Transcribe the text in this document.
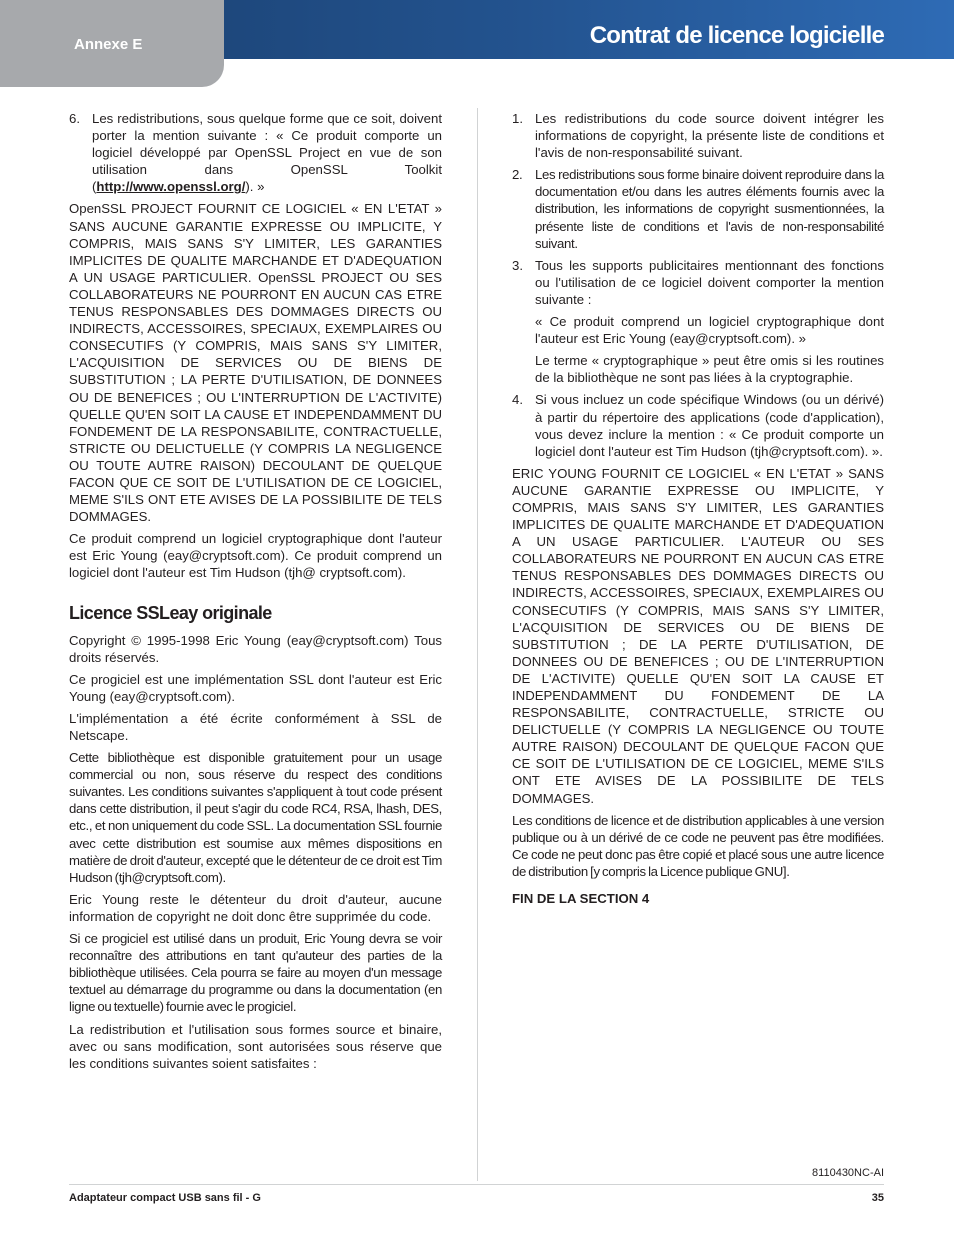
Annexe E	Contrat de licence logicielle
6. Les redistributions, sous quelque forme que ce soit, doivent porter la mention suivante : « Ce produit comporte un logiciel développé par OpenSSL Project en vue de son utilisation dans OpenSSL Toolkit (http://www.openssl.org/). »

OpenSSL PROJECT FOURNIT CE LOGICIEL « EN L'ETAT » SANS AUCUNE GARANTIE EXPRESSE OU IMPLICITE, Y COMPRIS, MAIS SANS S'Y LIMITER, LES GARANTIES IMPLICITES DE QUALITE MARCHANDE ET D'ADEQUATION A UN USAGE PARTICULIER. OpenSSL PROJECT OU SES COLLABORATEURS NE POURRONT EN AUCUN CAS ETRE TENUS RESPONSABLES DES DOMMAGES DIRECTS OU INDIRECTS, ACCESSOIRES, SPECIAUX, EXEMPLAIRES OU CONSECUTIFS (Y COMPRIS, MAIS SANS S'Y LIMITER, L'ACQUISITION DE SERVICES OU DE BIENS DE SUBSTITUTION ; LA PERTE D'UTILISATION, DE DONNEES OU DE BENEFICES ; OU L'INTERRUPTION DE L'ACTIVITE) QUELLE QU'EN SOIT LA CAUSE ET INDEPENDAMMENT DU FONDEMENT DE LA RESPONSABILITE, CONTRACTUELLE, STRICTE OU DELICTUELLE (Y COMPRIS LA NEGLIGENCE OU TOUTE AUTRE RAISON) DECOULANT DE QUELQUE FACON QUE CE SOIT DE L'UTILISATION DE CE LOGICIEL, MEME S'ILS ONT ETE AVISES DE LA POSSIBILITE DE TELS DOMMAGES.

Ce produit comprend un logiciel cryptographique dont l'auteur est Eric Young (eay@cryptsoft.com). Ce produit comprend un logiciel dont l'auteur est Tim Hudson (tjh@ cryptsoft.com).

Licence SSLeay originale

Copyright © 1995-1998 Eric Young (eay@cryptsoft.com) Tous droits réservés.

Ce progiciel est une implémentation SSL dont l'auteur est Eric Young (eay@cryptsoft.com).

L'implémentation a été écrite conformément à SSL de Netscape.

Cette bibliothèque est disponible gratuitement pour un usage commercial ou non, sous réserve du respect des conditions suivantes. Les conditions suivantes s'appliquent à tout code présent dans cette distribution, il peut s'agir du code RC4, RSA, lhash, DES, etc., et non uniquement du code SSL. La documentation SSL fournie avec cette distribution est soumise aux mêmes dispositions en matière de droit d'auteur, excepté que le détenteur de ce droit est Tim Hudson (tjh@cryptsoft.com).

Eric Young reste le détenteur du droit d'auteur, aucune information de copyright ne doit donc être supprimée du code.

Si ce progiciel est utilisé dans un produit, Eric Young devra se voir reconnaître des attributions en tant qu'auteur des parties de la bibliothèque utilisées. Cela pourra se faire au moyen d'un message textuel au démarrage du programme ou dans la documentation (en ligne ou textuelle) fournie avec le progiciel.

La redistribution et l'utilisation sous formes source et binaire, avec ou sans modification, sont autorisées sous réserve que les conditions suivantes soient satisfaites :

1. Les redistributions du code source doivent intégrer les informations de copyright, la présente liste de conditions et l'avis de non-responsabilité suivant.
2. Les redistributions sous forme binaire doivent reproduire dans la documentation et/ou dans les autres éléments fournis avec la distribution, les informations de copyright susmentionnées, la présente liste de conditions et l'avis de non-responsabilité suivant.
3. Tous les supports publicitaires mentionnant des fonctions ou l'utilisation de ce logiciel doivent comporter la mention suivante :

« Ce produit comprend un logiciel cryptographique dont l'auteur est Eric Young (eay@cryptsoft.com). »

Le terme « cryptographique » peut être omis si les routines de la bibliothèque ne sont pas liées à la cryptographie.

4. Si vous incluez un code spécifique Windows (ou un dérivé) à partir du répertoire des applications (code d'application), vous devez inclure la mention : « Ce produit comporte un logiciel dont l'auteur est Tim Hudson (tjh@cryptsoft.com). ».

ERIC YOUNG FOURNIT CE LOGICIEL « EN L'ETAT » SANS AUCUNE GARANTIE EXPRESSE OU IMPLICITE, Y COMPRIS, MAIS SANS S'Y LIMITER, LES GARANTIES IMPLICITES DE QUALITE MARCHANDE ET D'ADEQUATION A UN USAGE PARTICULIER. L'AUTEUR OU SES COLLABORATEURS NE POURRONT EN AUCUN CAS ETRE TENUS RESPONSABLES DES DOMMAGES DIRECTS OU INDIRECTS, ACCESSOIRES, SPECIAUX, EXEMPLAIRES OU CONSECUTIFS (Y COMPRIS, MAIS SANS S'Y LIMITER, L'ACQUISITION DE SERVICES OU DE BIENS DE SUBSTITUTION ; DE LA PERTE D'UTILISATION, DE DONNEES OU DE BENEFICES ; OU DE L'INTERRUPTION DE L'ACTIVITE) QUELLE QU'EN SOIT LA CAUSE ET INDEPENDAMMENT DU FONDEMENT DE LA RESPONSABILITE, CONTRACTUELLE, STRICTE OU DELICTUELLE (Y COMPRIS LA NEGLIGENCE OU TOUTE AUTRE RAISON) DECOULANT DE QUELQUE FACON QUE CE SOIT DE L'UTILISATION DE CE LOGICIEL, MEME S'ILS ONT ETE AVISES DE LA POSSIBILITE DE TELS DOMMAGES.

Les conditions de licence et de distribution applicables à une version publique ou à un dérivé de ce code ne peuvent pas être modifiées. Ce code ne peut donc pas être copié et placé sous une autre licence de distribution [y compris la Licence publique GNU].

FIN DE LA SECTION 4

8110430NC-AI
Adaptateur compact USB sans fil - G	35
